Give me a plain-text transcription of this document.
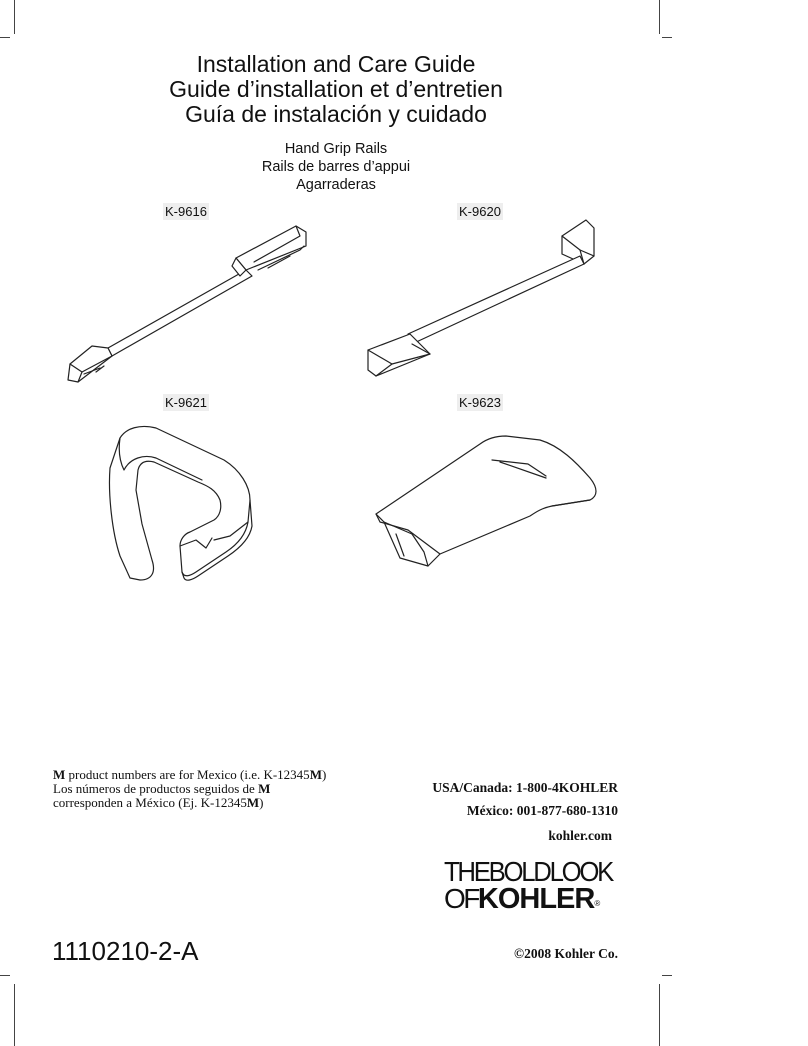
Installation and Care Guide
Guide d’installation et d’entretien
Guía de instalación y cuidado
Hand Grip Rails
Rails de barres d’appui
Agarraderas
K-9616	K-9620
K-9621	K-9623
M product numbers are for Mexico (i.e. K-12345M)
Los números de productos seguidos de M
corresponden a México (Ej. K-12345M)
USA/Canada: 1-800-4KOHLER
México: 001-877-680-1310
kohler.com
THEBOLDLOOK
OFKOHLER®
1110210-2-A	©2008 Kohler Co.
